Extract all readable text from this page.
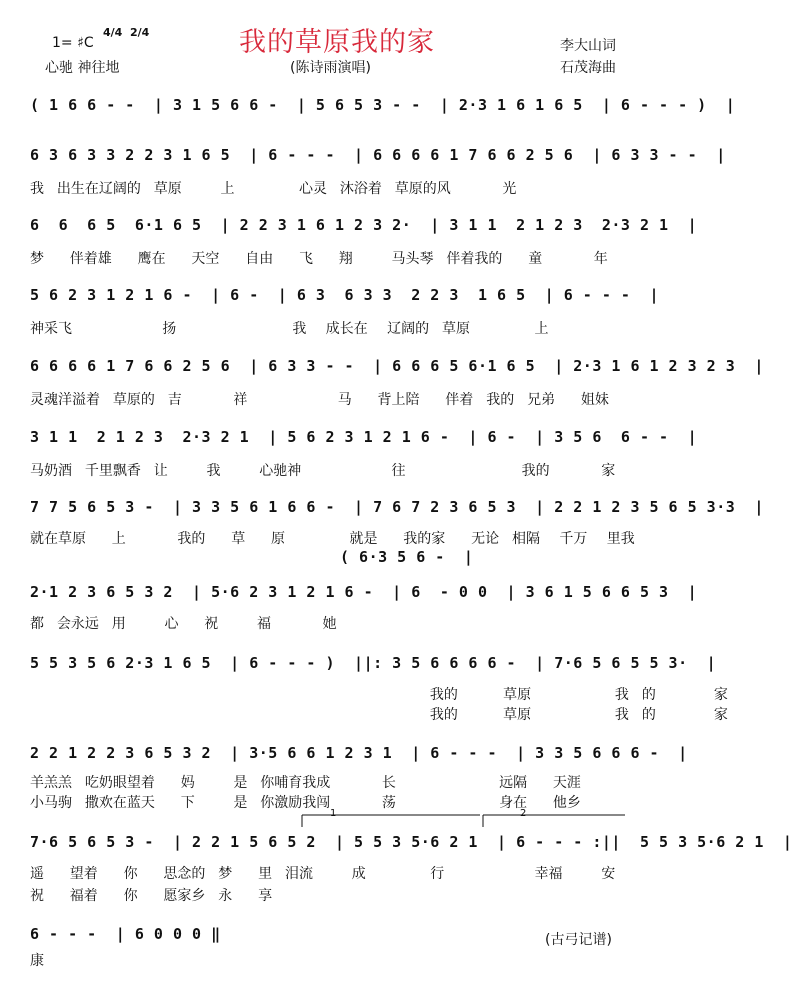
1= ♯C
4/4  2/4
心驰 神往地
我的草原我的家
(陈诗雨演唱)
李大山词
石茂海曲
( 1 6 6 - -  | 3 1 5 6 6 -  | 5 6 5 3 - -  | 2·3 1 6 1 6 5  | 6 - - - )  |
6 3 6 3 3 2 2 3 1 6 5  | 6 - - -  | 6 6 6 6 1 7 6 6 2 5 6  | 6 3 3 - -  |
我  出生在辽阔的  草原      上          心灵  沐浴着  草原的风        光
6  6  6 5  6·1 6 5  | 2 2 3 1 6 1 2 3 2·  | 3 1 1  2 1 2 3  2·3 2 1  |
梦    伴着雄    鹰在    天空    自由    飞    翔      马头琴  伴着我的    童        年
5 6 2 3 1 2 1 6 -  | 6 -  | 6 3  6 3 3  2 2 3  1 6 5  | 6 - - -  |
神采飞              扬                  我   成长在   辽阔的  草原          上
6 6 6 6 1 7 6 6 2 5 6  | 6 3 3 - -  | 6 6 6 5 6·1 6 5  | 2·3 1 6 1 2 3 2 3  |
灵魂洋溢着  草原的  吉        祥              马    背上陪    伴着  我的  兄弟    姐妹
3 1 1  2 1 2 3  2·3 2 1  | 5 6 2 3 1 2 1 6 -  | 6 -  | 3 5 6  6 - -  |
马奶酒  千里飘香  让      我      心驰神              往                  我的        家
7 7 5 6 5 3 -  | 3 3 5 6 1 6 6 -  | 7 6 7 2 3 6 5 3  | 2 2 1 2 3 5 6 5 3·3  |
就在草原    上        我的    草    原          就是    我的家    无论  相隔   千万   里我
( 6·3 5 6 -  |
2·1 2 3 6 5 3 2  | 5·6 2 3 1 2 1 6 -  | 6  - 0 0  | 3 6 1 5 6 6 5 3  |
都  会永远  用      心    祝      福        她
5 5 3 5 6 2·3 1 6 5  | 6 - - - )  ||: 3 5 6 6 6 6 -  | 7·6 5 6 5 5 3·  |
我的       草原             我  的         家
我的       草原             我  的         家
2 2 1 2 2 3 6 5 3 2  | 3·5 6 6 1 2 3 1  | 6 - - -  | 3 3 5 6 6 6 -  |
羊羔羔  吃奶眼望着    妈      是  你哺育我成        长                远隔    天涯
小马驹  撒欢在蓝天    下      是  你激励我闯        荡                身在    他乡
1	2
7·6 5 6 5 3 -  | 2 2 1 5 6 5 2  | 5 5 3 5·6 2 1  | 6 - - - :||  5 5 3 5·6 2 1  |
遥    望着    你    思念的  梦    里  泪流      成          行              幸福      安
祝    福着    你    愿家乡  永    享
6 - - -  | 6 0 0 0 ‖
康
(古弓记谱)
